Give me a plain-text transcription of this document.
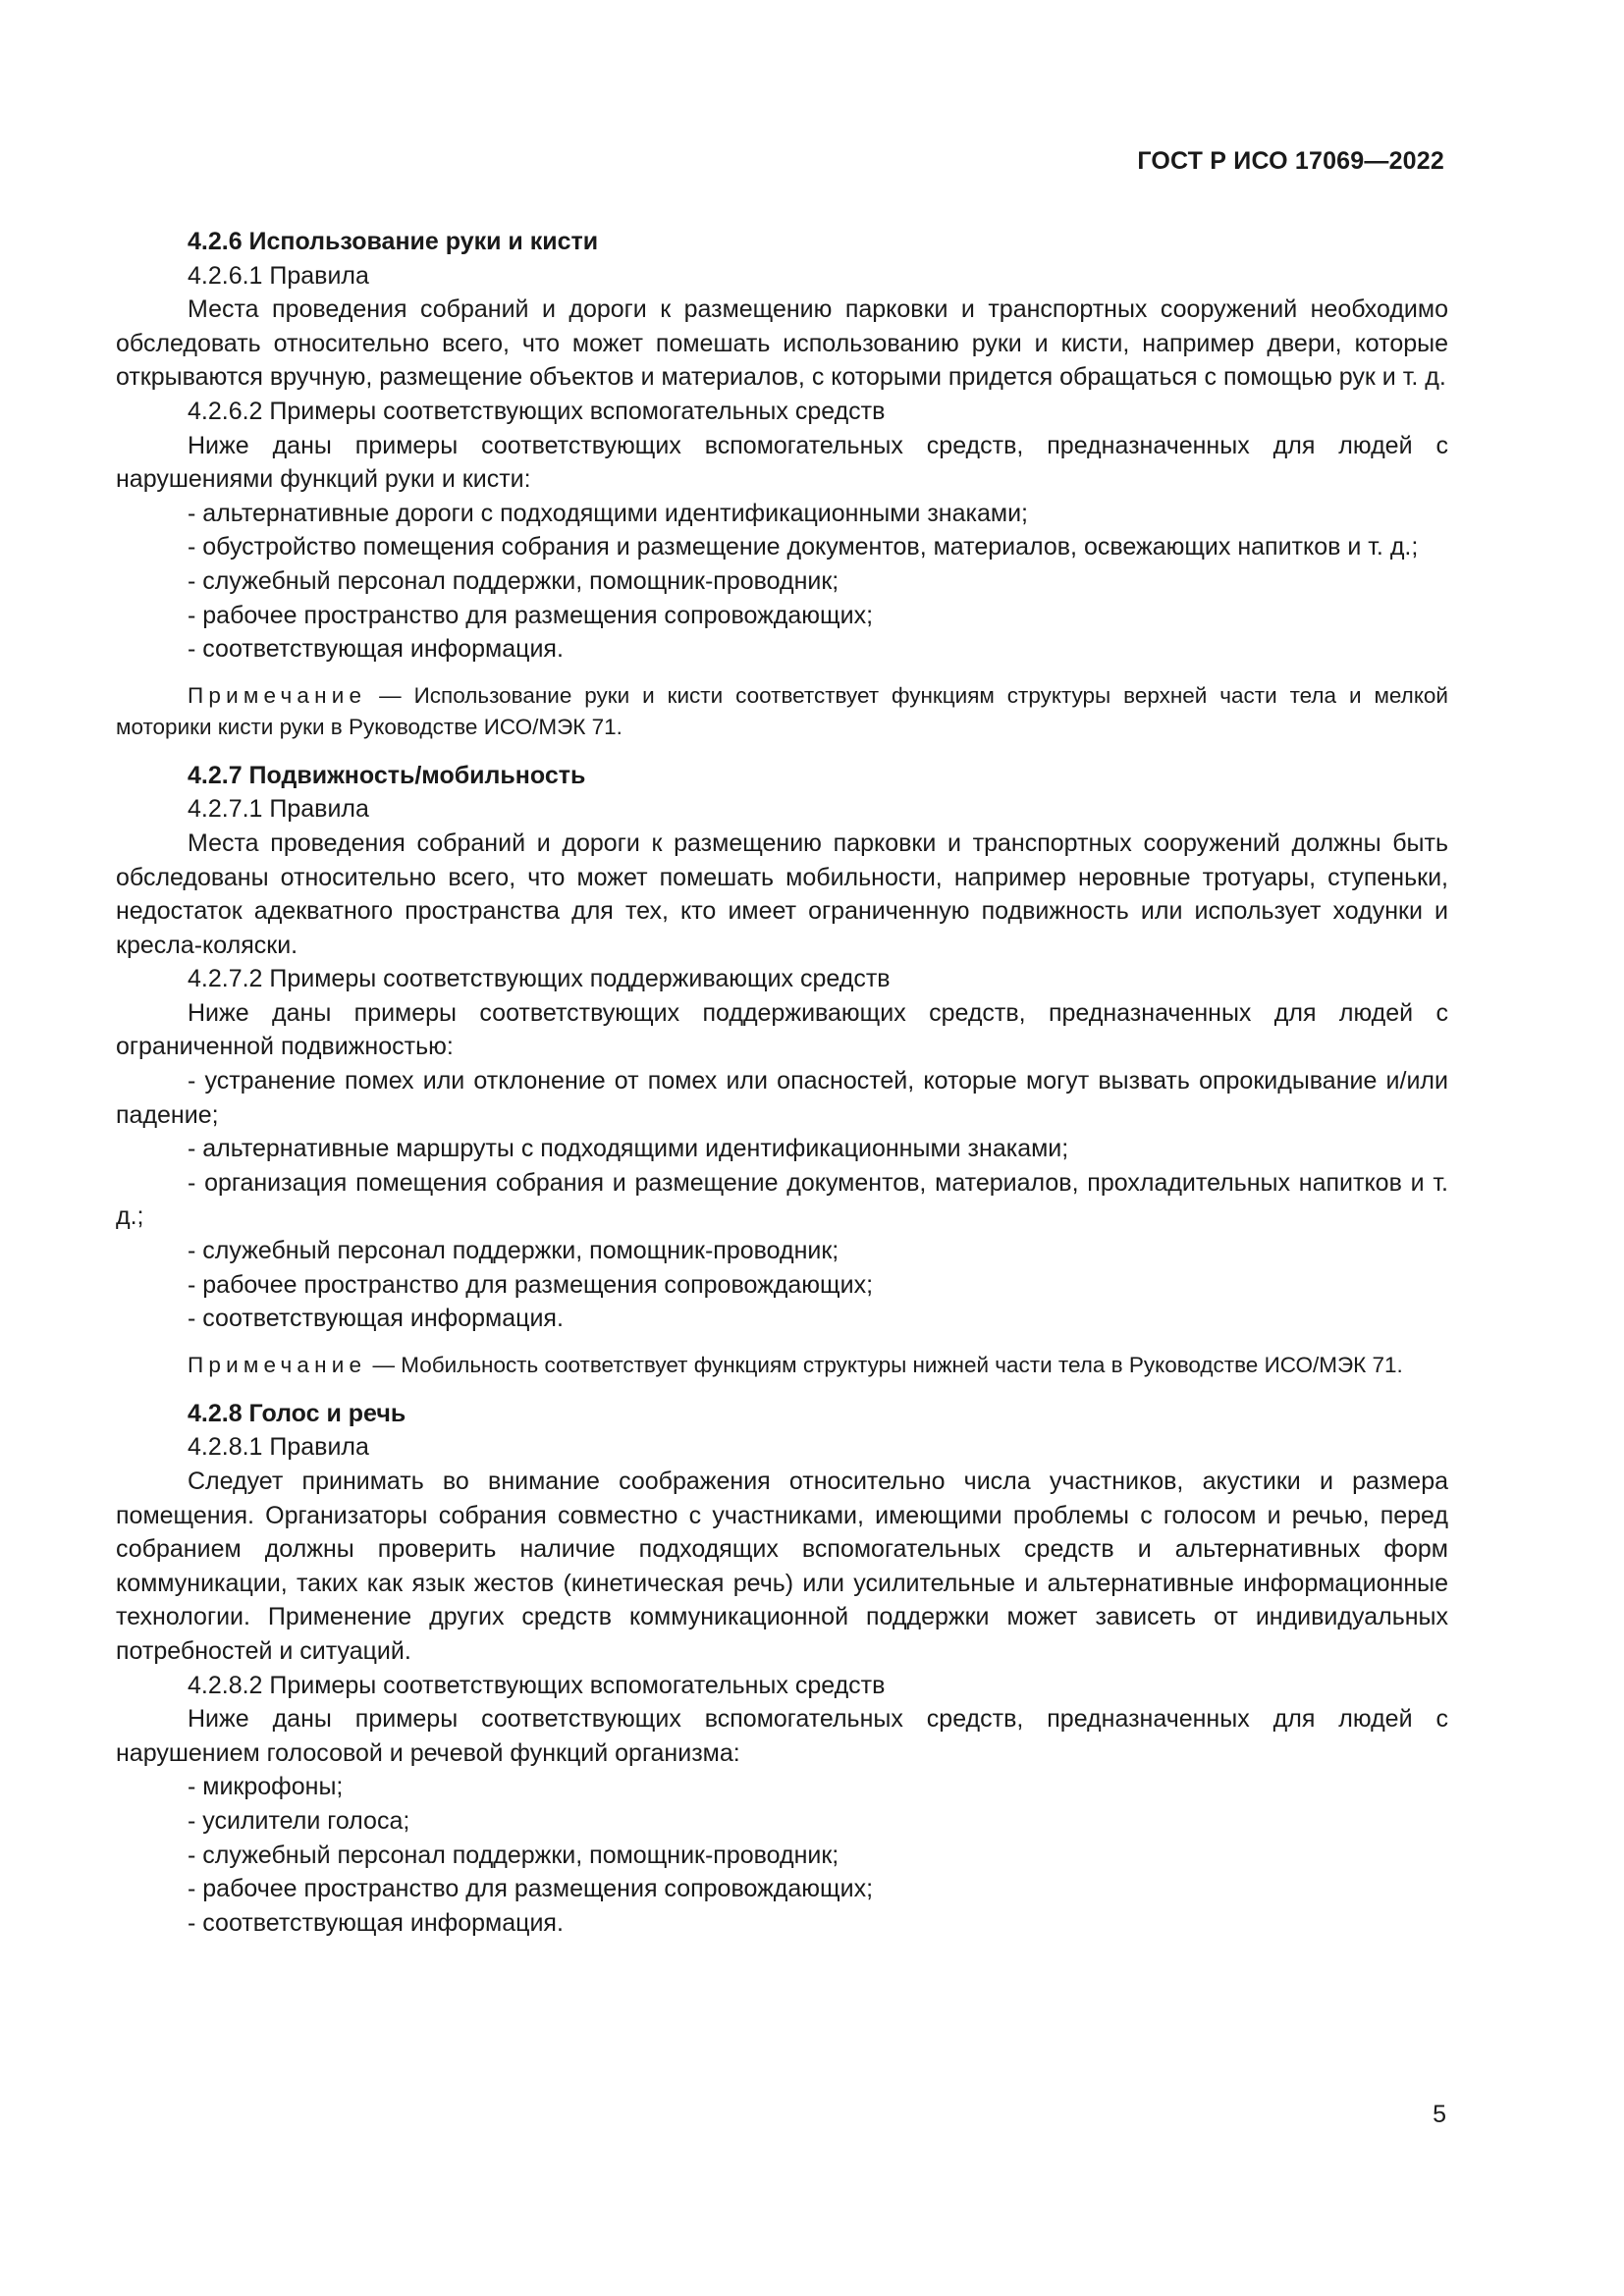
ГОСТ Р ИСО 17069—2022

4.2.6 Использование руки и кисти

4.2.6.1 Правила

Места проведения собраний и дороги к размещению парковки и транспортных сооружений необходимо обследовать относительно всего, что может помешать использованию руки и кисти, например двери, которые открываются вручную, размещение объектов и материалов, с которыми придется обращаться с помощью рук и т. д.

4.2.6.2 Примеры соответствующих вспомогательных средств

Ниже даны примеры соответствующих вспомогательных средств, предназначенных для людей с нарушениями функций руки и кисти:

- альтернативные дороги с подходящими идентификационными знаками;

- обустройство помещения собрания и размещение документов, материалов, освежающих напитков и т. д.;

- служебный персонал поддержки, помощник-проводник;

- рабочее пространство для размещения сопровождающих;

- соответствующая информация.

Примечание — Использование руки и кисти соответствует функциям структуры верхней части тела и мелкой моторики кисти руки в Руководстве ИСО/МЭК 71.

4.2.7 Подвижность/мобильность

4.2.7.1 Правила

Места проведения собраний и дороги к размещению парковки и транспортных сооружений должны быть обследованы относительно всего, что может помешать мобильности, например неровные тротуары, ступеньки, недостаток адекватного пространства для тех, кто имеет ограниченную подвижность или использует ходунки и кресла-коляски.

4.2.7.2 Примеры соответствующих поддерживающих средств

Ниже даны примеры соответствующих поддерживающих средств, предназначенных для людей с ограниченной подвижностью:

- устранение помех или отклонение от помех или опасностей, которые могут вызвать опрокидывание и/или падение;

- альтернативные маршруты с подходящими идентификационными знаками;

- организация помещения собрания и размещение документов, материалов, прохладительных напитков и т. д.;

- служебный персонал поддержки, помощник-проводник;

- рабочее пространство для размещения сопровождающих;

- соответствующая информация.

Примечание — Мобильность соответствует функциям структуры нижней части тела в Руководстве ИСО/МЭК 71.

4.2.8 Голос и речь

4.2.8.1 Правила

Следует принимать во внимание соображения относительно числа участников, акустики и размера помещения. Организаторы собрания совместно с участниками, имеющими проблемы с голосом и речью, перед собранием должны проверить наличие подходящих вспомогательных средств и альтернативных форм коммуникации, таких как язык жестов (кинетическая речь) или усилительные и альтернативные информационные технологии. Применение других средств коммуникационной поддержки может зависеть от индивидуальных потребностей и ситуаций.

4.2.8.2 Примеры соответствующих вспомогательных средств

Ниже даны примеры соответствующих вспомогательных средств, предназначенных для людей с нарушением голосовой и речевой функций организма:

- микрофоны;

- усилители голоса;

- служебный персонал поддержки, помощник-проводник;

- рабочее пространство для размещения сопровождающих;

- соответствующая информация.

5
